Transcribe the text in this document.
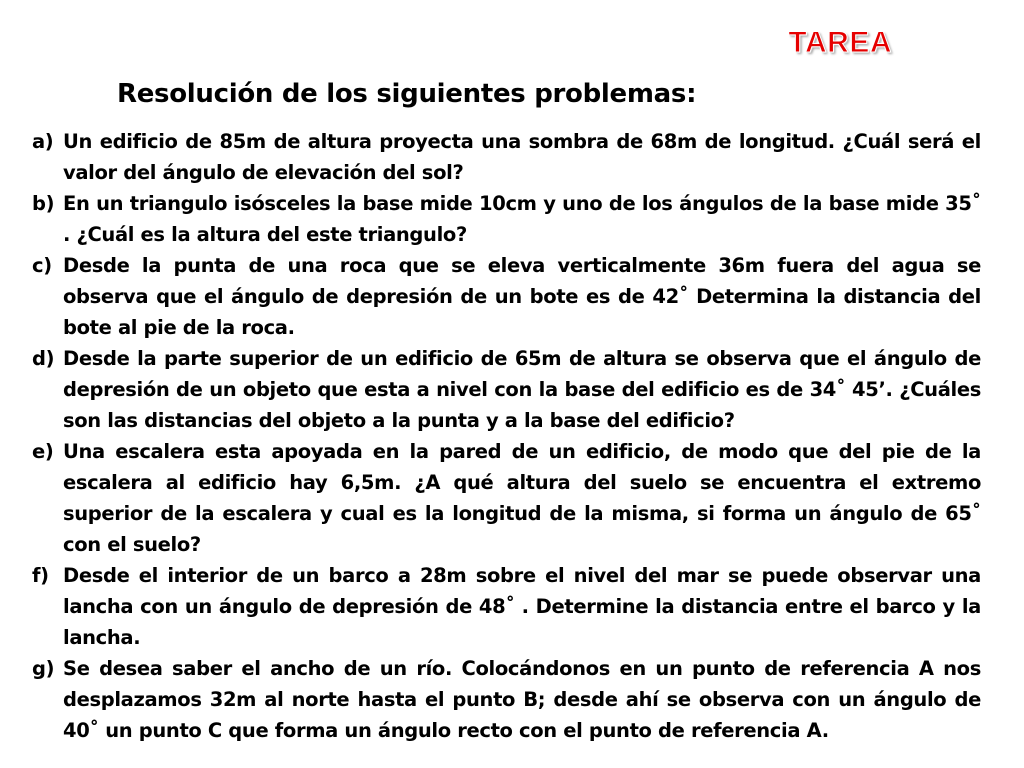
TAREA
Resolución de los siguientes problemas:
a) Un edificio de 85m de altura proyecta una sombra de 68m de longitud. ¿Cuál será el valor del ángulo de elevación del sol?
b) En un triangulo isósceles la base mide 10cm y uno de los ángulos de la base mide 35˚ . ¿Cuál es la altura del este triangulo?
c) Desde la punta de una roca que se eleva verticalmente 36m fuera del agua se observa que el ángulo de depresión de un bote es de 42˚ Determina la distancia del bote al pie de la roca.
d) Desde la parte superior de un edificio de 65m de altura se observa que el ángulo de depresión de un objeto que esta a nivel con la base del edificio es de 34˚ 45’. ¿Cuáles son las distancias del objeto a la punta y a la base del edificio?
e) Una escalera esta apoyada en la pared de un edificio, de modo que del pie de la escalera al edificio hay 6,5m. ¿A qué altura del suelo se encuentra el extremo superior de la escalera y cual es la longitud de la misma, si forma un ángulo de 65˚ con el suelo?
f) Desde el interior de un barco a 28m sobre el nivel del mar se puede observar una lancha con un ángulo de depresión de 48˚ . Determine la distancia entre el barco y la lancha.
g) Se desea saber el ancho de un río. Colocándonos en un punto de referencia A nos desplazamos 32m al norte hasta el punto B; desde ahí se observa con un ángulo de 40˚ un punto C que forma un ángulo recto con el punto de referencia A.
